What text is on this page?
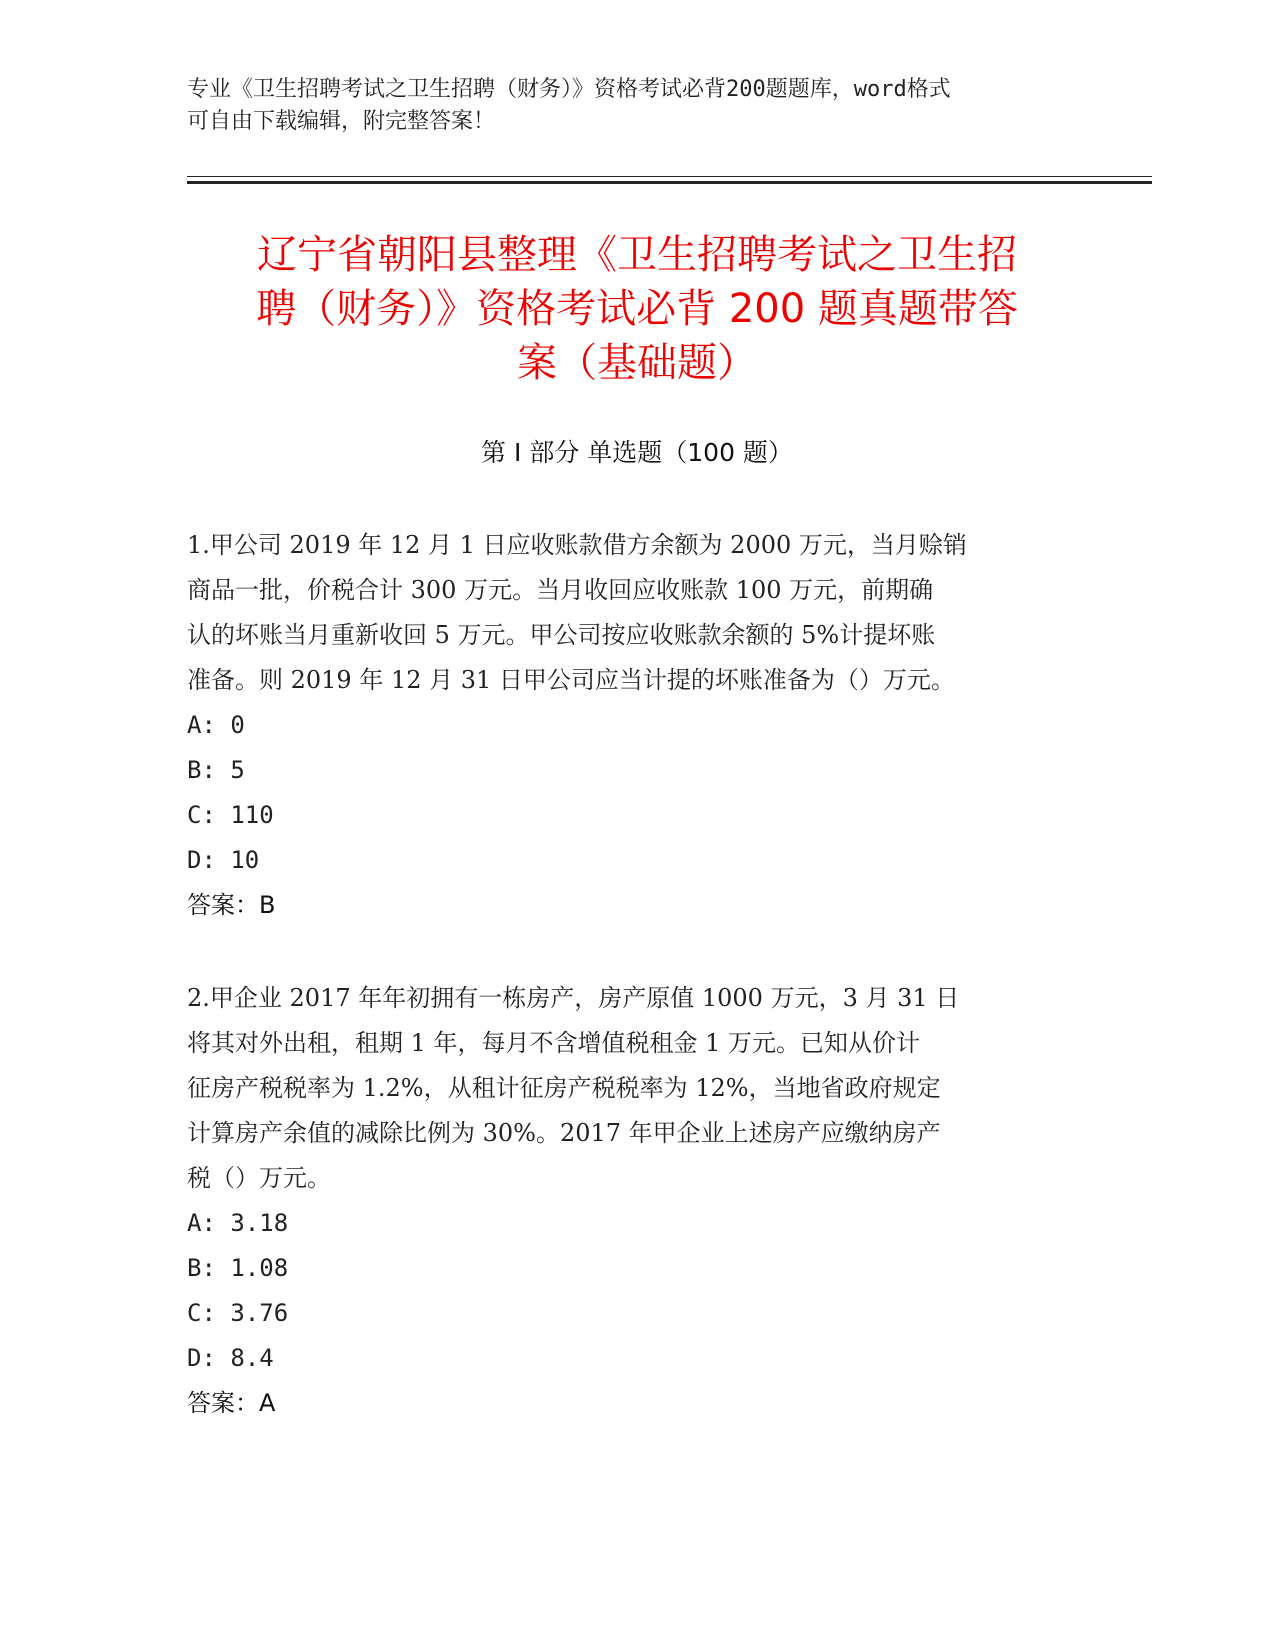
专业《卫生招聘考试之卫生招聘（财务）》资格考试必背200题题库，word格式
可自由下载编辑，附完整答案！
辽宁省朝阳县整理《卫生招聘考试之卫生招
聘（财务）》资格考试必背 200 题真题带答
案（基础题）
第 I 部分 单选题（100 题）
1.甲公司 2019 年 12 月 1 日应收账款借方余额为 2000 万元，当月赊销
商品一批，价税合计 300 万元。当月收回应收账款 100 万元，前期确
认的坏账当月重新收回 5 万元。甲公司按应收账款余额的 5%计提坏账
准备。则 2019 年 12 月 31 日甲公司应当计提的坏账准备为（）万元。
A: 0
B: 5
C: 110
D: 10
答案：B
2.甲企业 2017 年年初拥有一栋房产，房产原值 1000 万元，3 月 31 日
将其对外出租，租期 1 年，每月不含增值税租金 1 万元。已知从价计
征房产税税率为 1.2%，从租计征房产税税率为 12%，当地省政府规定
计算房产余值的减除比例为 30%。2017 年甲企业上述房产应缴纳房产
税（）万元。
A: 3.18
B: 1.08
C: 3.76
D: 8.4
答案：A
